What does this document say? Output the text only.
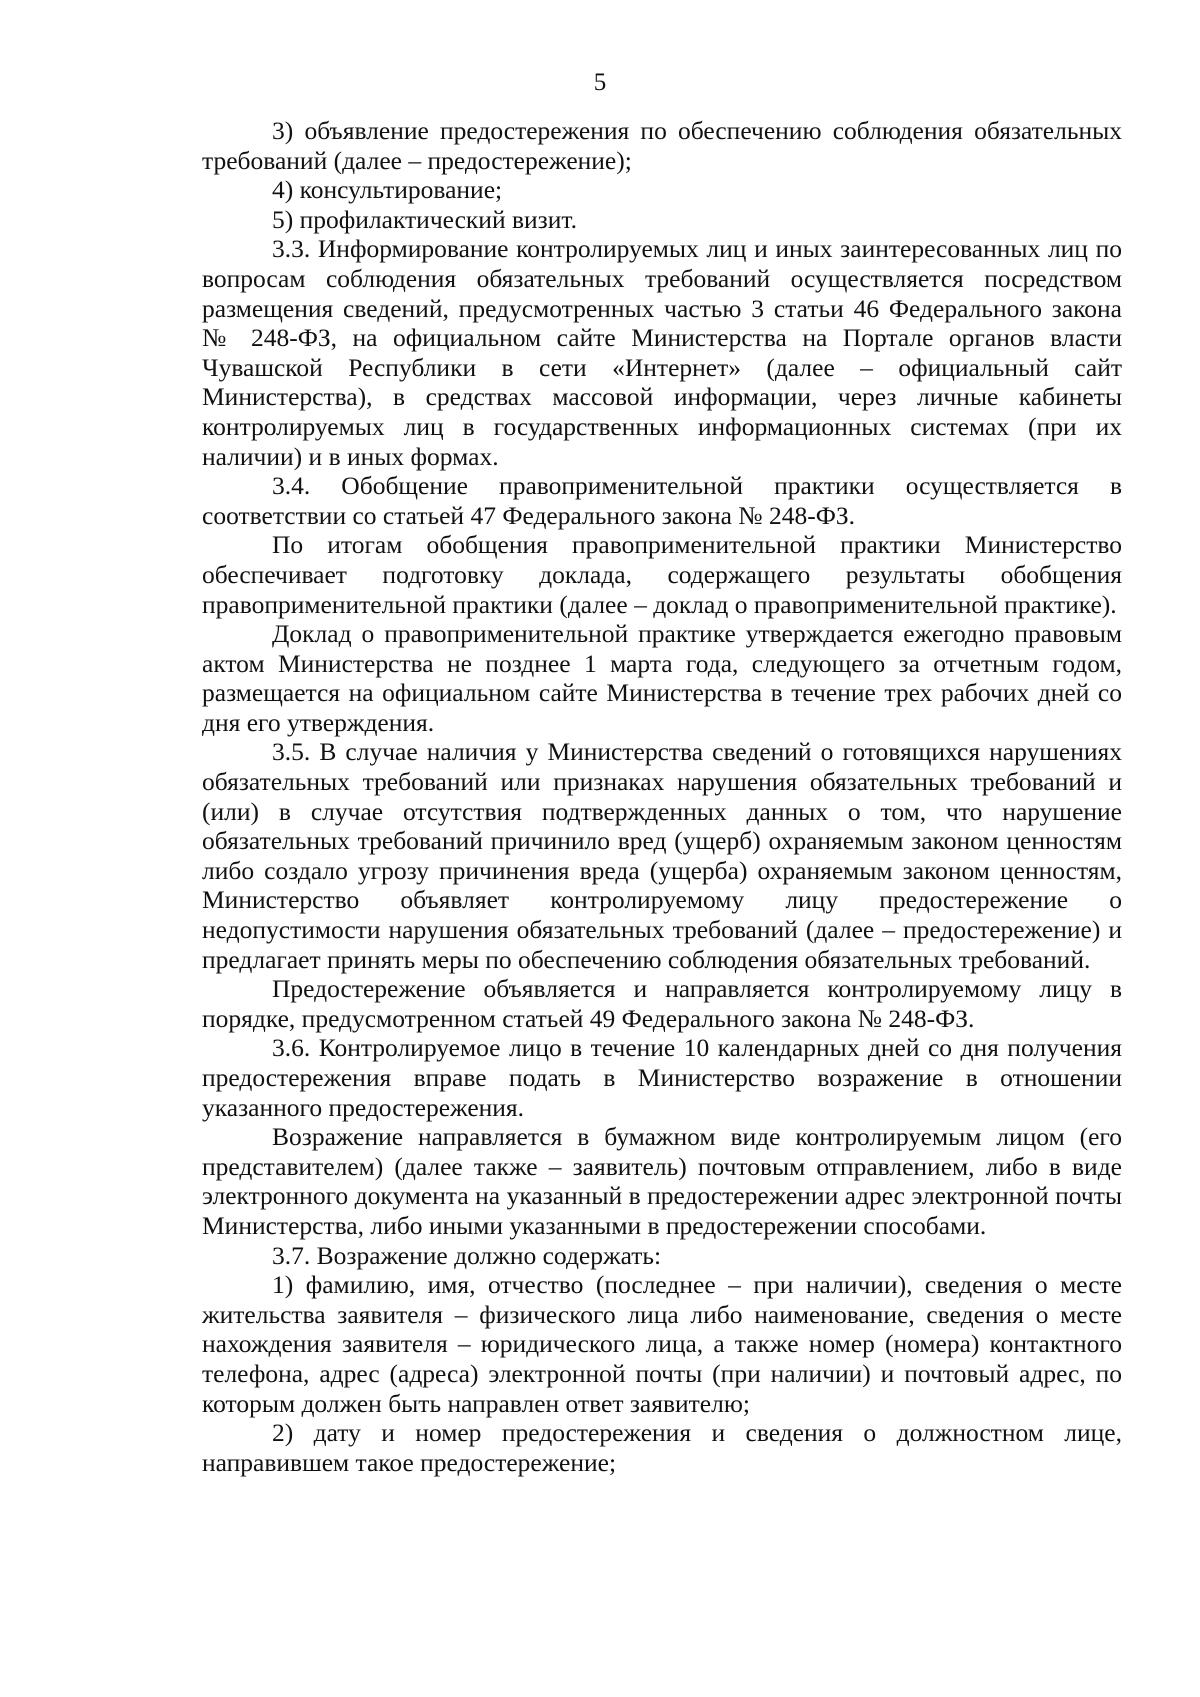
5

3) объявление предостережения по обеспечению соблюдения обязательных требований (далее – предостережение);

4) консультирование;

5) профилактический визит.

3.3. Информирование контролируемых лиц и иных заинтересованных лиц по вопросам соблюдения обязательных требований осуществляется посредством размещения сведений, предусмотренных частью 3 статьи 46 Федерального закона № 248-ФЗ, на официальном сайте Министерства на Портале органов власти Чувашской Республики в сети «Интернет» (далее – официальный сайт Министерства), в средствах массовой информации, через личные кабинеты контролируемых лиц в государственных информационных системах (при их наличии) и в иных формах.

3.4. Обобщение правоприменительной практики осуществляется в соответствии со статьей 47 Федерального закона № 248-ФЗ.

По итогам обобщения правоприменительной практики Министерство обеспечивает подготовку доклада, содержащего результаты обобщения правоприменительной практики (далее – доклад о правоприменительной практике).

Доклад о правоприменительной практике утверждается ежегодно правовым актом Министерства не позднее 1 марта года, следующего за отчетным годом, размещается на официальном сайте Министерства в течение трех рабочих дней со дня его утверждения.

3.5. В случае наличия у Министерства сведений о готовящихся нарушениях обязательных требований или признаках нарушения обязательных требований и (или) в случае отсутствия подтвержденных данных о том, что нарушение обязательных требований причинило вред (ущерб) охраняемым законом ценностям либо создало угрозу причинения вреда (ущерба) охраняемым законом ценностям, Министерство объявляет контролируемому лицу предостережение о недопустимости нарушения обязательных требований (далее – предостережение) и предлагает принять меры по обеспечению соблюдения обязательных требований.

Предостережение объявляется и направляется контролируемому лицу в порядке, предусмотренном статьей 49 Федерального закона № 248-ФЗ.

3.6. Контролируемое лицо в течение 10 календарных дней со дня получения предостережения вправе подать в Министерство возражение в отношении указанного предостережения.

Возражение направляется в бумажном виде контролируемым лицом (его представителем) (далее также – заявитель) почтовым отправлением, либо в виде электронного документа на указанный в предостережении адрес электронной почты Министерства, либо иными указанными в предостережении способами.

3.7. Возражение должно содержать:

1) фамилию, имя, отчество (последнее – при наличии), сведения о месте жительства заявителя – физического лица либо наименование, сведения о месте нахождения заявителя – юридического лица, а также номер (номера) контактного телефона, адрес (адреса) электронной почты (при наличии) и почтовый адрес, по которым должен быть направлен ответ заявителю;

2) дату и номер предостережения и сведения о должностном лице, направившем такое предостережение;
